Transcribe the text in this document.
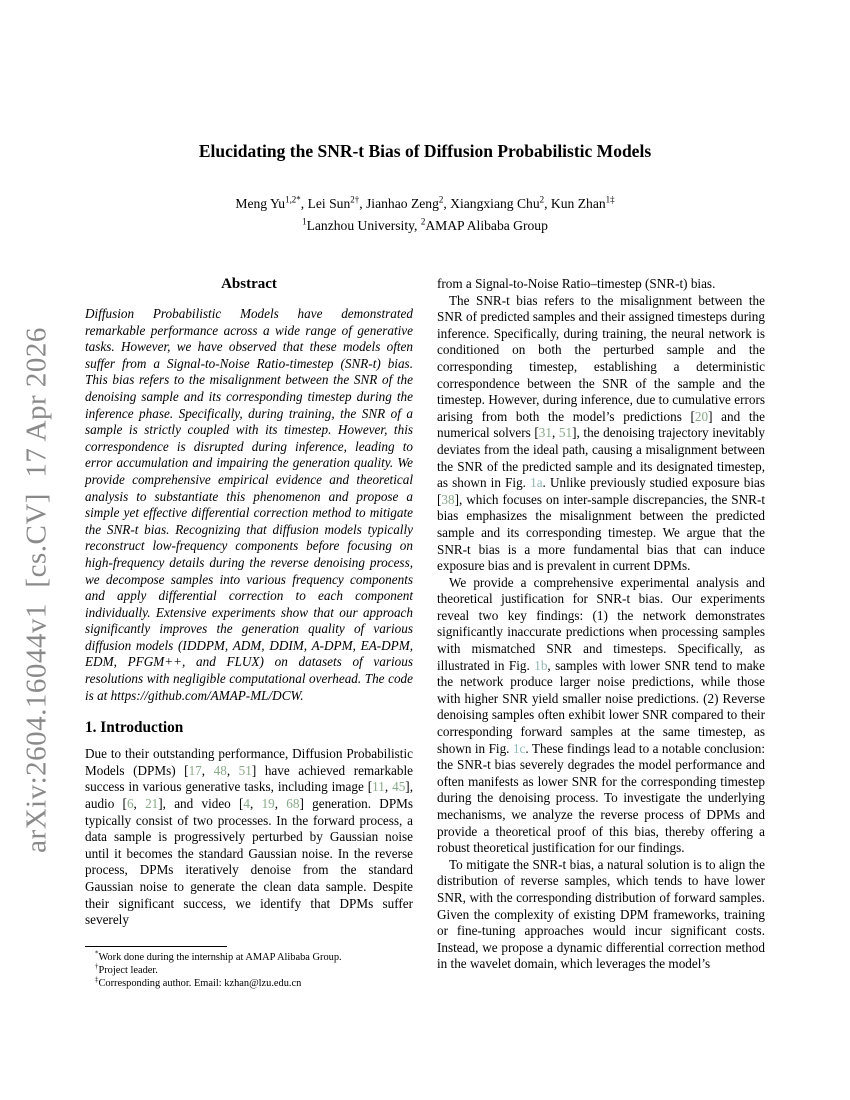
arXiv:2604.16044v1  [cs.CV]  17 Apr 2026
Elucidating the SNR-t Bias of Diffusion Probabilistic Models
Meng $Yu^{1,2*}$, Lei Sun$^{2\dagger}$, Jianhao Zeng$^2$, Xiangxiang Chu$^2$, Kun Zhan$^{1\ddagger}$
$^1$Lanzhou University, $^2$AMAP Alibaba Group
Abstract

Diffusion Probabilistic Models have demonstrated remarkable performance across a wide range of generative tasks. However, we have observed that these models often suffer from a Signal-to-Noise Ratio-timestep (SNR-t) bias. This bias refers to the misalignment between the SNR of the denoising sample and its corresponding timestep during the inference phase. Specifically, during training, the SNR of a sample is strictly coupled with its timestep. However, this correspondence is disrupted during inference, leading to error accumulation and impairing the generation quality. We provide comprehensive empirical evidence and theoretical analysis to substantiate this phenomenon and propose a simple yet effective differential correction method to mitigate the SNR-t bias. Recognizing that diffusion models typically reconstruct low-frequency components before focusing on high-frequency details during the reverse denoising process, we decompose samples into various frequency components and apply differential correction to each component individually. Extensive experiments show that our approach significantly improves the generation quality of various diffusion models (IDDPM, ADM, DDIM, A-DPM, EA-DPM, EDM, PFGM++, and FLUX) on datasets of various resolutions with negligible computational overhead. The code is at https://github.com/AMAP-ML/DCW.

1. Introduction

Due to their outstanding performance, Diffusion Probabilistic Models (DPMs) [17, 48, 51] have achieved remarkable success in various generative tasks, including image [11, 45], audio [6, 21], and video [4, 19, 68] generation. DPMs typically consist of two processes. In the forward process, a data sample is progressively perturbed by Gaussian noise until it becomes the standard Gaussian noise. In the reverse process, DPMs iteratively denoise from the standard Gaussian noise to generate the clean data sample. Despite their significant success, we identify that DPMs suffer severely

from a Signal-to-Noise Ratio–timestep (SNR-t) bias.

The SNR-t bias refers to the misalignment between the SNR of predicted samples and their assigned timesteps during inference. Specifically, during training, the neural network is conditioned on both the perturbed sample and the corresponding timestep, establishing a deterministic correspondence between the SNR of the sample and the timestep. However, during inference, due to cumulative errors arising from both the model’s predictions [20] and the numerical solvers [31, 51], the denoising trajectory inevitably deviates from the ideal path, causing a misalignment between the SNR of the predicted sample and its designated timestep, as shown in Fig. 1a. Unlike previously studied exposure bias [38], which focuses on inter-sample discrepancies, the SNR-t bias emphasizes the misalignment between the predicted sample and its corresponding timestep. We argue that the SNR-t bias is a more fundamental bias that can induce exposure bias and is prevalent in current DPMs.

We provide a comprehensive experimental analysis and theoretical justification for SNR-t bias. Our experiments reveal two key findings: (1) the network demonstrates significantly inaccurate predictions when processing samples with mismatched SNR and timesteps. Specifically, as illustrated in Fig. 1b, samples with lower SNR tend to make the network produce larger noise predictions, while those with higher SNR yield smaller noise predictions. (2) Reverse denoising samples often exhibit lower SNR compared to their corresponding forward samples at the same timestep, as shown in Fig. 1c. These findings lead to a notable conclusion: the SNR-t bias severely degrades the model performance and often manifests as lower SNR for the corresponding timestep during the denoising process. To investigate the underlying mechanisms, we analyze the reverse process of DPMs and provide a theoretical proof of this bias, thereby offering a robust theoretical justification for our findings.

To mitigate the SNR-t bias, a natural solution is to align the distribution of reverse samples, which tends to have lower SNR, with the corresponding distribution of forward samples. Given the complexity of existing DPM frameworks, training or fine-tuning approaches would incur significant costs. Instead, we propose a dynamic differential correction method in the wavelet domain, which leverages the model’s

*Work done during the internship at AMAP Alibaba Group.
†Project leader.
‡Corresponding author. Email: kzhan@lzu.edu.cn
